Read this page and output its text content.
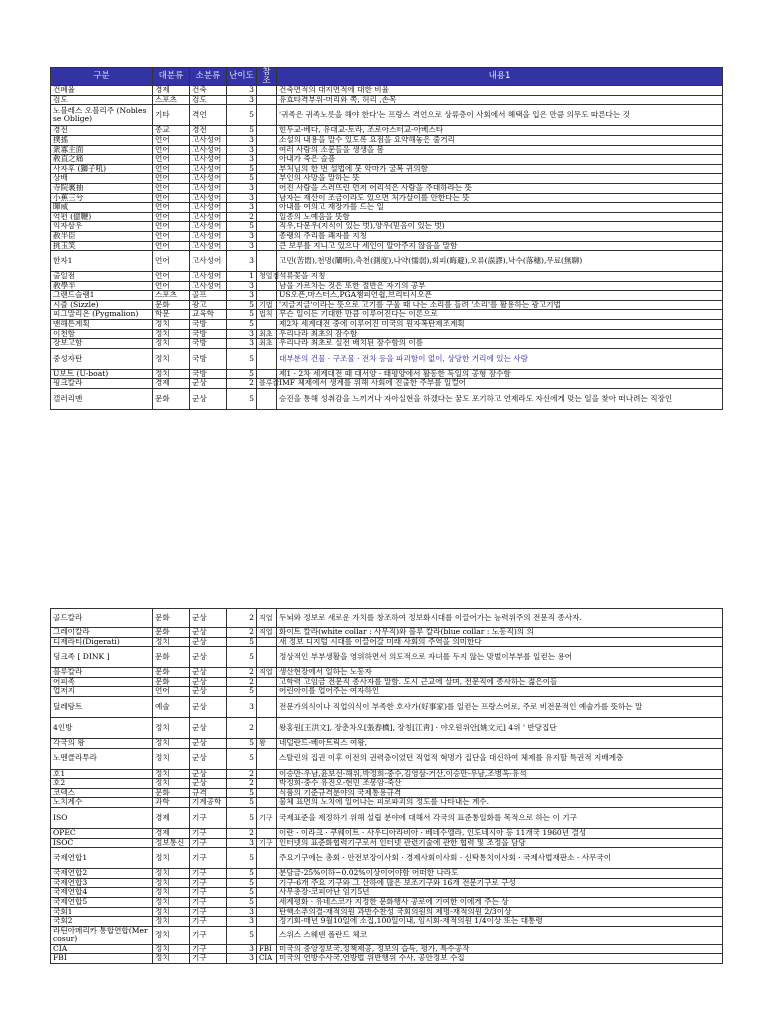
구분	대분류	소분류	난이도	참조	내용1
건폐율	경제	건축	3		건축면적의 대지면적에 대한 비율
검도	스포츠	검도	3		유효타격부위-머리와 쪽, 허리 ,손목
노블레스 오블리주 (Noblesse Oblige)	기타	격언	5		'귀족은 귀족노릇을 해야 한다'는 프랑스 격언으로 상류층이 사회에서 혜택을 입은 만큼 의무도 따른다는 것
경전	종교	경전	5		힌두교-베다, 유대교-토라, 조로아스터교-아베스타
撲搖	언어	고사성어	3		소설의 내용을 말수 있도록 요점을 요약해놓은 줄거리
衆寡主面	언어	고사성어	3		여러 사람의 소문들을 생생을 봄
敎直之痛	언어	고사성어	3		아내가 죽은 슬픔
사자후 (獅子吼)	언어	고사성어	5		부처님의 한 번 설법에 뭇 악마가 굴복 귀의함
상배	언어	고사성어	5		부인의 사망을 말하는 뜻
寺院裏抽	언어	고사성어	3		어진 사람을 스러뜨린 먼저 어리석은 사람을 주대하라는 뜻
小蕉三兮	언어	고사성어	3		남자는 재산이 조금이라도 있으면 처가살이를 안한다는 뜻
暉威	언어	고사성어	3		아내를 여의고 재장가를 드는 일
억편 (億鞭)	언어	고사성어	2		일종의 노예음을 뜻함
익자삼우	언어	고사성어	5		직우,다문우(지식이 있는 벗),양우(믿음이 있는 벗)
赦半臣	언어	고사성어	3		종랭의 주리를 쾌자를 지칭
挑玉笑	언어	고사성어	3		큰 보루를 지니고 있으나 세인이 알아주지 않음을 말함
한자1	언어	고사성어	3		고민(苦悶),천명(闡明),측천(測度),나약(懦弱),회피(晦避),오류(誤謬),낙수(落穗),무료(無聊)
출일점	언어	고사성어	1	청일점	석류꽃을 지칭
敎學半	언어	고사성어	3		남을 가르치는 것은 또한 절반은 자기의 공부
그랜드슬램1	스포츠	골프	3		US오픈,마스터스,PGA챔피언쉽,브리티시오픈
시즐 (Sizzle)	문화	광고	5	기법	'지글지글'이라는 뜻으로 고기를 구울 때 나는 소리를 들려 '소리'를 활용하는 광고기법
피그말리온 (Pygmalion)	학문	교육학	5	법칙	무슨 일이든 기대한 만큼 이루어진다는 이론으로
맨해튼계획	정치	국방	5		제2차 세계대전 중에 이루어진 미국의 원자폭탄제조계획
이천함	정치	국방	3	최초	우리나라 최초의 잠수함
장보고함	정치	국방	3	최초	우리나라 최초로 실전 배치된 잠수함의 이름
중성자탄	정치	국방	5		대부분의 건물 · 구조물 · 전차 등을 파괴함이 없이, 상당한 거리에 있는 사람
U보트 (U-boat)	정치	국방	5		제1 · 2차 세계대전 때 대서양 · 태평양에서 활동한 독일의 공형 잠수함
핑크칼라	경제	군상	2	블루칼	IMF 체제에서 생계를 위해 사회에 진출한 주부를 일컬어
갤러리맨	문화	군상	5		승진을 통해 성취감을 느끼거나 자아실현을 하겠다는 꿈도 포기하고 언제라도 자신에게 맞는 일을 찾아 떠나려는 직장인
골드칼라	문화	군상	2	직업	두뇌와 정보로 새로운 가치를 창조하여 정보화시대를 이끌어가는 능력위주의 전문직 종사자.
그레이칼라	문화	군상	2	직업	화이트 칼라(white collar : 사무직)와 블루 칼라(blue collar : 노동직)의 의
디제라티(Digerati)	정치	군상	5		새 정보 디지털 시대를 이끌어갈 미래 사회의 주역을 의미한다
딩크족 [ DINK ]	문화	군상	5		정상적인 부부생활을 영위하면서 의도적으로 자녀를 두지 않는 맞벌이부부를 일컫는 용어
블루칼라	문화	군상	2	직업	생산현장에서 일하는 노동자
어피족	문화	군상	2		고학력 고임금 전문직 종사자를 말함. 도시 근교에 살며, 전문직에 종사하는 젊은이들
업저지	언어	군상	5		어린아이를 업어주는 여자하인
딜레탕트	예술	군상	3		전문가의식이나 직업의식이 부족한 호사가(好事家)를 일컫는 프랑스어로, 주로 비전문적인 예술가를 뜻하는 말
4인방	정치	군상	2		왕홍원[王洪文], 장춘차오[張春橋], 장칭[江靑] · 야오원위안[姚文元] 4위 ' 반당집단
각국의 왕	정치	군상	5	왕	네덜란드-베아트릭스 여왕,
노멘클라투라	정치	군상	5		스탈린의 집권 이후 이전의 권력층이었던 직업적 혁명가 집단을 대신하여 체제를 유지할 특권적 지배계층
호1	정치	군상	2		이승만-우남,윤보선-해위,박정희-중수,김영삼-거산,이승만-우남,조병옥-유석
호2	정치	군상	2		박정희-중수 유진오-현민 조봉암-죽산
코덱스	문화	규격	5		식품의 기준규격분야의 국제통용규격
노치계수	과학	기계공학	5		물체 표면의 노치에 일어나는 피로파괴의 정도를 나타내는 계수.
ISO	경제	기구	5	기구	국제표준을 제정하기 위해 설립 분야에 대해서 각국의 표준통일화를 목적으로 하는 이 기구
OPEC	경제	기구	2		이란 · 이라크 · 쿠웨이트 · 사우디아라비아 · 베네수엘라, 인도네시아 등 11개국 1960년 결성
ISOC	정보통신	기구	3	기구	인터넷의 표준화협력기구로서 인터넷 관련기술에 관한 협력 및 조정을 담당
국제연합1	정치	기구	5		주요기구에는 총회 · 안전보장이사회 · 경제사회이사회 · 신탁통치이사회 · 국제사법재판소 · 사무국이
국제연합2	정치	기구	5		분담금-25%이하~0.02%이상이어야함 어떠한 나라도
국제연합3	정치	기구	5		기구-6개 주요 기구와 그 산하에 많은 보조기구와 16개 전문기구로 구성
국제연합4	정치	기구	5		사무총장-코피아난 임기5년
국제연합5	정치	기구	5		세계평화 · 유네스코가 지정한 문화행사 공로에 기여한 이에게 주는 상
국회1	정치	기구	3		탄핵소추의결-재적의원 과반수찬성 국회의원의 제명-재적의원 2/3이상
국회2	정치	기구	3		정기회-매년 9월10일에 소집,100일이내, 임시회-재적의원 1/4이상 또는 대통령
라틴아메리카 통합연합(Mercosur)	정치	기구	5		스위스 스웨덴 폴란드 체코
CIA	정치	기구	3	FBI	미국의 중앙정보국,정책제공, 정보의 습득, 평가, 특수공작
FBI	정치	기구	3	CIA	미국의 연방수사국,연방법 위반행위 수사, 공안정보 수집
